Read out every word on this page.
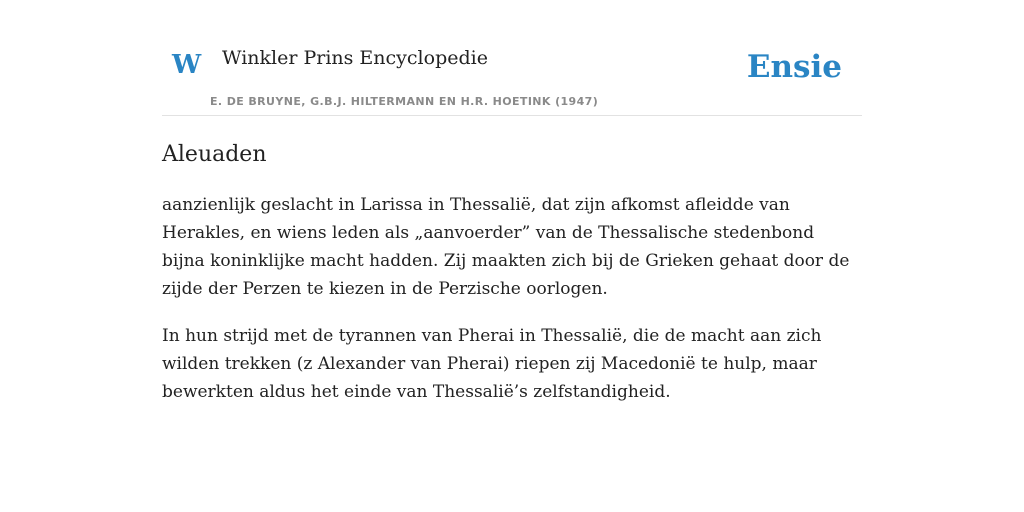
W Winkler Prins Encyclopedie
E. DE BRUYNE, G.B.J. HILTERMANN EN H.R. HOETINK (1947)
Ensie
Aleuaden

aanzienlijk geslacht in Larissa in Thessalië, dat zijn afkomst afleidde van Herakles, en wiens leden als „aanvoerder” van de Thessalische stedenbond bijna koninklijke macht hadden. Zij maakten zich bij de Grieken gehaat door de zijde der Perzen te kiezen in de Perzische oorlogen.

In hun strijd met de tyrannen van Pherai in Thessalië, die de macht aan zich wilden trekken (z Alexander van Pherai) riepen zij Macedonië te hulp, maar bewerkten aldus het einde van Thessalië’s zelfstandigheid.
